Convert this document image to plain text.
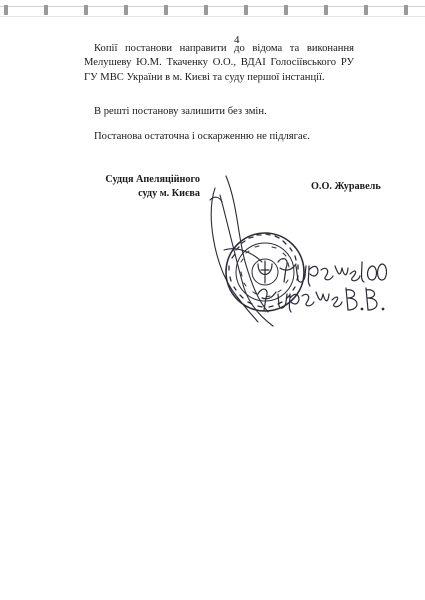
4

Копії постанови направити до відома та виконання Мелушеву Ю.М. Ткаченку О.О., ВДАІ Голосіївського РУ ГУ МВС України в м. Києві та суду першої інстанції.

В решті постанову залишити без змін.

Постанова остаточна і оскарженню не підлягає.

Судця Апеляційного
суду м. Києва
О.О. Журавель
